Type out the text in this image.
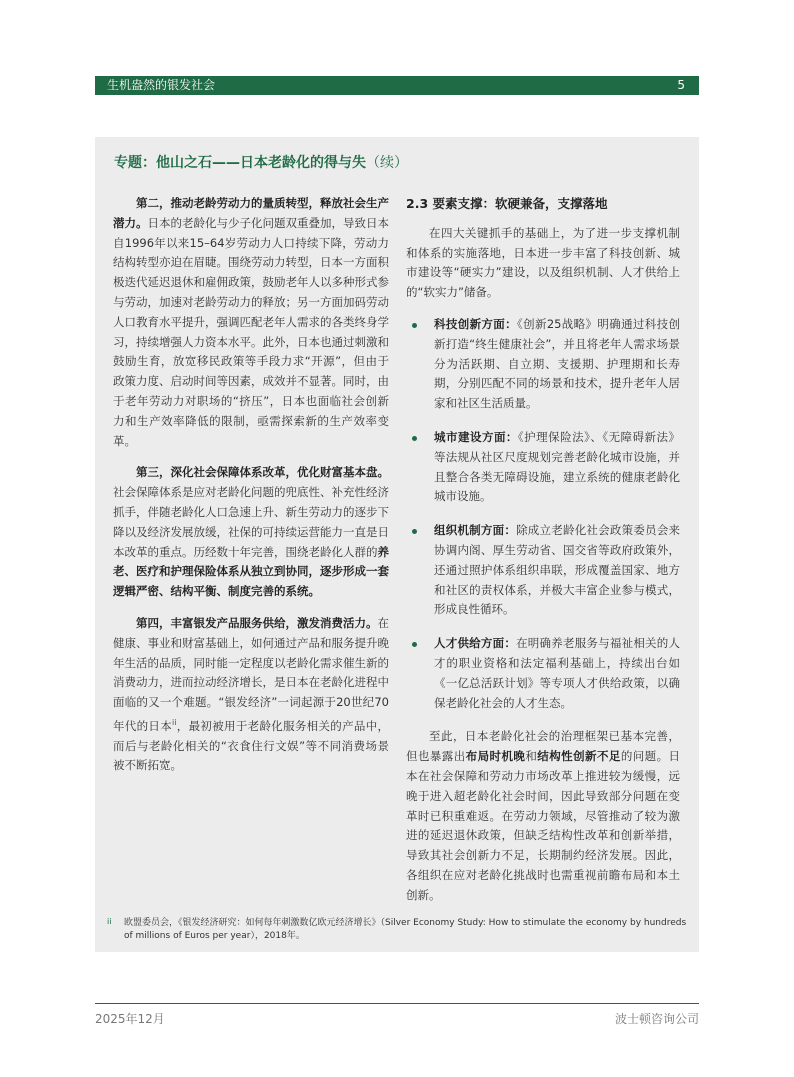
生机盎然的银发社会	5
专题：他山之石——日本老龄化的得与失（续）

第二，推动老龄劳动力的量质转型，释放社会生产潜力。日本的老龄化与少子化问题双重叠加，导致日本自1996年以来15–64岁劳动力人口持续下降，劳动力结构转型亦迫在眉睫。围绕劳动力转型，日本一方面积极迭代延迟退休和雇佣政策，鼓励老年人以多种形式参与劳动，加速对老龄劳动力的释放；另一方面加码劳动人口教育水平提升，强调匹配老年人需求的各类终身学习，持续增强人力资本水平。此外，日本也通过刺激和鼓励生育，放宽移民政策等手段力求“开源”，但由于政策力度、启动时间等因素，成效并不显著。同时，由于老年劳动力对职场的“挤压”，日本也面临社会创新力和生产效率降低的限制，亟需探索新的生产效率变革。

第三，深化社会保障体系改革，优化财富基本盘。社会保障体系是应对老龄化问题的兜底性、补充性经济抓手，伴随老龄化人口急速上升、新生劳动力的逐步下降以及经济发展放缓，社保的可持续运营能力一直是日本改革的重点。历经数十年完善，围绕老龄化人群的养老、医疗和护理保险体系从独立到协同，逐步形成一套逻辑严密、结构平衡、制度完善的系统。

第四，丰富银发产品服务供给，激发消费活力。在健康、事业和财富基础上，如何通过产品和服务提升晚年生活的品质，同时能一定程度以老龄化需求催生新的消费动力，进而拉动经济增长，是日本在老龄化进程中面临的又一个难题。“银发经济”一词起源于20世纪70年代的日本$^{ii}$，最初被用于老龄化服务相关的产品中，而后与老龄化相关的“衣食住行文娱”等不同消费场景被不断拓宽。

2.3 要素支撑：软硬兼备，支撑落地

在四大关键抓手的基础上，为了进一步支撑机制和体系的实施落地，日本进一步丰富了科技创新、城市建设等“硬实力”建设，以及组织机制、人才供给上的“软实力”储备。

科技创新方面：《创新25战略》明确通过科技创新打造“终生健康社会”，并且将老年人需求场景分为活跃期、自立期、支援期、护理期和长寿期，分别匹配不同的场景和技术，提升老年人居家和社区生活质量。
城市建设方面：《护理保险法》、《无障碍新法》等法规从社区尺度规划完善老龄化城市设施，并且整合各类无障碍设施，建立系统的健康老龄化城市设施。
组织机制方面：除成立老龄化社会政策委员会来协调内阁、厚生劳动省、国交省等政府政策外，还通过照护体系组织串联，形成覆盖国家、地方和社区的责权体系，并极大丰富企业参与模式，形成良性循环。
人才供给方面：在明确养老服务与福祉相关的人才的职业资格和法定福利基础上，持续出台如《一亿总活跃计划》等专项人才供给政策，以确保老龄化社会的人才生态。

至此，日本老龄化社会的治理框架已基本完善，但也暴露出布局时机晚和结构性创新不足的问题。日本在社会保障和劳动力市场改革上推进较为缓慢，远晚于进入超老龄化社会时间，因此导致部分问题在变革时已积重难返。在劳动力领域，尽管推动了较为激进的延迟退休政策，但缺乏结构性改革和创新举措，导致其社会创新力不足，长期制约经济发展。因此，各组织在应对老龄化挑战时也需重视前瞻布局和本土创新。

ii 欧盟委员会，《银发经济研究：如何每年刺激数亿欧元经济增长》（Silver Economy Study: How to stimulate the economy by hundreds of millions of Euros per year），2018年。
2025年12月	波士顿咨询公司
